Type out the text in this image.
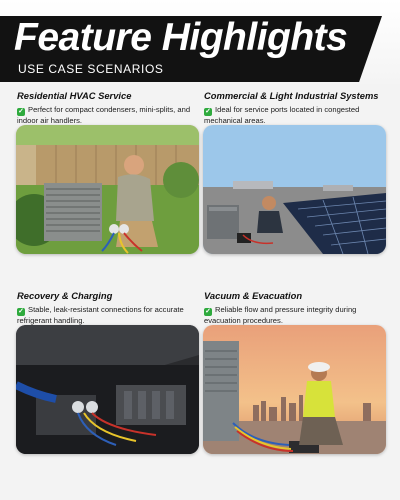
Feature Highlights
USE CASE SCENARIOS
Residential HVAC Service
✓ Perfect for compact condensers, mini-splits, and indoor air handlers.
Commercial & Light Industrial Systems
✓ Ideal for service ports located in congested mechanical areas.
Recovery & Charging
✓ Stable, leak-resistant connections for accurate refrigerant handling.
Vacuum & Evacuation
✓ Reliable flow and pressure integrity during evacuation procedures.
